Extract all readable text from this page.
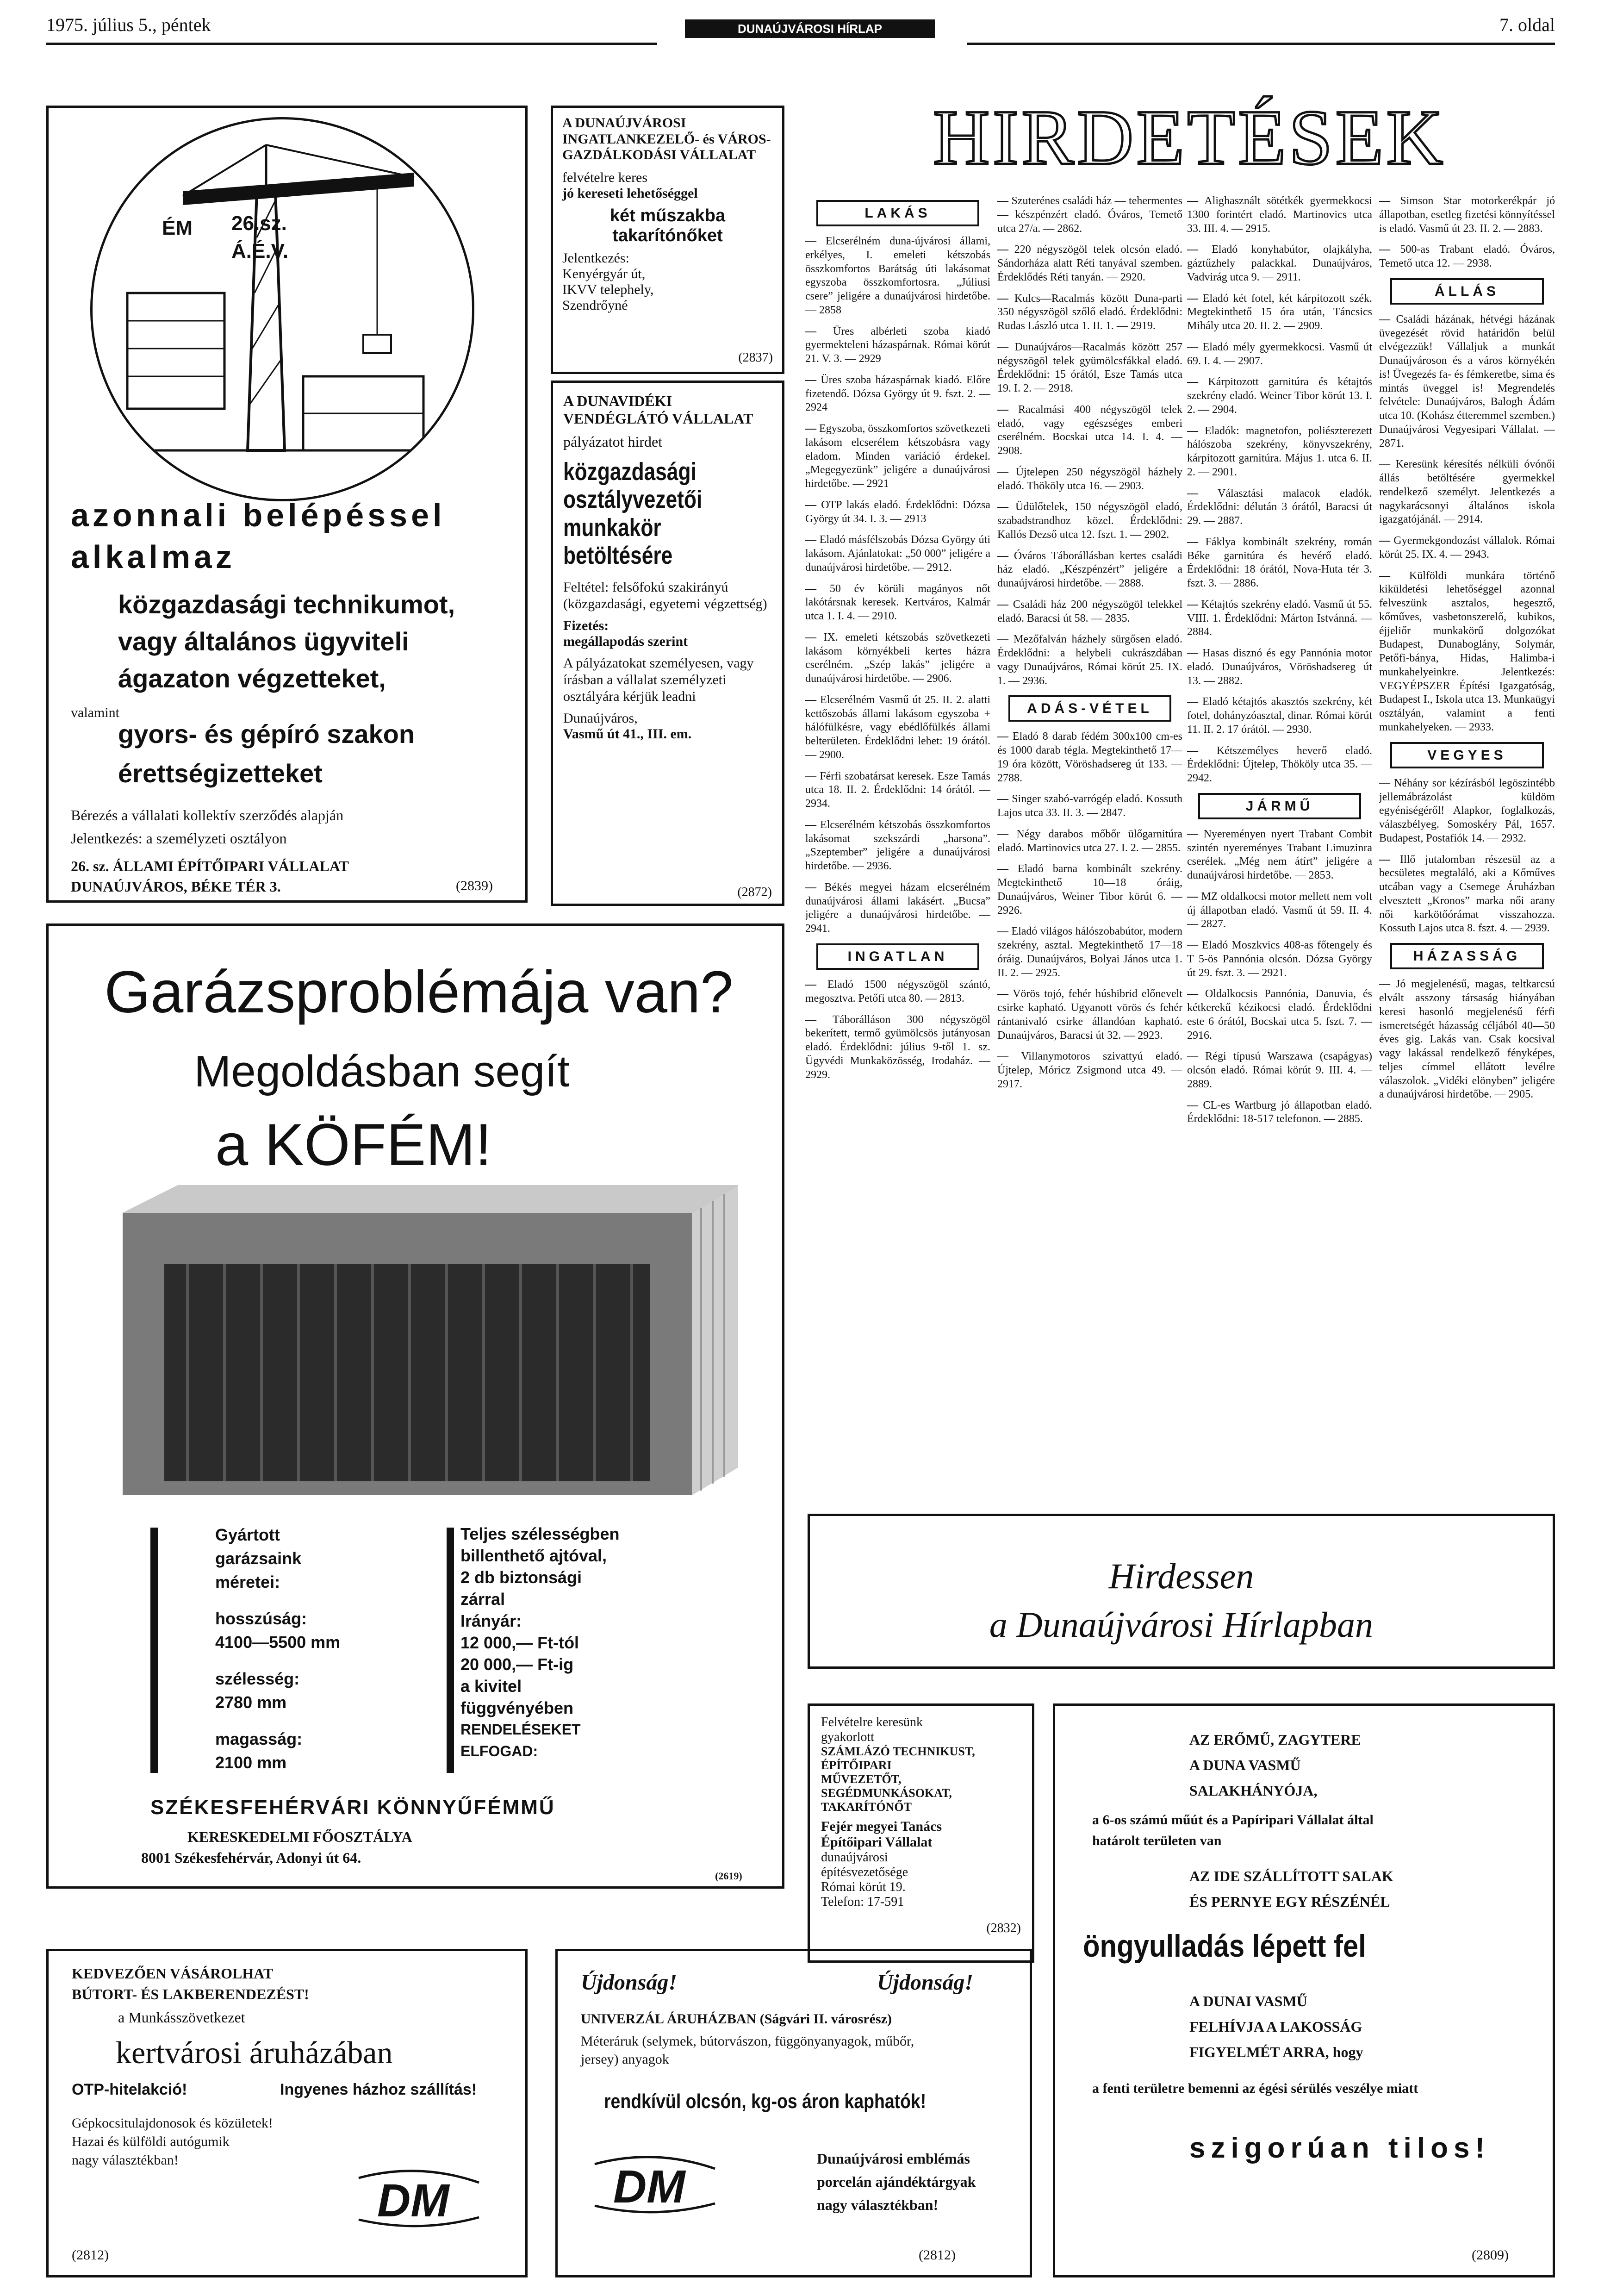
1975. július 5., péntek	DUNAÚJVÁROSI HÍRLAP	7. oldal
ÉM 26.sz.
Á.É.V.
azonnali belépéssel
alkalmaz
közgazdasági technikumot,
vagy általános ügyviteli
ágazaton végzetteket,
valamint
gyors- és gépíró szakon
érettségizetteket
Bérezés a vállalati kollektív szerződés alapján
Jelentkezés: a személyzeti osztályon
26. sz. ÁLLAMI ÉPÍTŐIPARI VÁLLALAT
DUNAÚJVÁROS, BÉKE TÉR 3.	(2839)
A DUNAÚJVÁROSI INGATLANKEZELŐ- és VÁROS-GAZDÁLKODÁSI VÁLLALAT
felvételre keres
jó kereseti lehetőséggel
két műszakba
takarítónőket
Jelentkezés:
Kenyérgyár út,
IKVV telephely,
Szendrőyné
(2837)
A DUNAVIDÉKI VENDÉGLÁTÓ VÁLLALAT
pályázatot hirdet
közgazdasági osztályvezetői munkakör betöltésére
Feltétel: felsőfokú szakirányú (közgazdasági, egyetemi végzettség)
Fizetés:
megállapodás szerint
A pályázatokat személyesen, vagy írásban a vállalat személyzeti osztályára kérjük leadni
Dunaújváros,
Vasmű út 41., III. em.
(2872)
Garázsproblémája van?
Megoldásban segít
a KÖFÉM!
Gyártott
garázsaink
méretei:
hosszúság:
4100—5500 mm
szélesség:
2780 mm
magasság:
2100 mm
Teljes szélességben
billenthető ajtóval,
2 db biztonsági
zárral
Irányár:
12 000,— Ft-tól
20 000,— Ft-ig
a kivitel
függvényében
RENDELÉSEKET
ELFOGAD:
SZÉKESFEHÉRVÁRI KÖNNYŰFÉMMŰ
KERESKEDELMI FŐOSZTÁLYA
8001 Székesfehérvár, Adonyi út 64.
(2619)
KEDVEZŐEN VÁSÁROLHAT
BÚTORT- ÉS LAKBERENDEZÉST!
a Munkásszövetkezet
kertvárosi áruházában
OTP-hitelakció!	Ingyenes házhoz szállítás!
Gépkocsitulajdonosok és közületek!
Hazai és külföldi autógumik
nagy választékban!
DM
(2812)
Újdonság!	Újdonság!
UNIVERZÁL ÁRUHÁZBAN (Ságvári II. városrész)
Méteráruk (selymek, bútorvászon, függönyanyagok, műbőr, jersey) anyagok
rendkívül olcsón, kg-os áron kaphatók!
DM
Dunaújvárosi emblémás
porcelán ajándéktárgyak
nagy választékban!
(2812)
HIRDETÉSEK
LAKÁS
— Elcserélném duna-újvárosi állami, erkélyes, I. emeleti kétszobás összkomfortos Barátság úti lakásomat egyszoba összkomfortosra. „Júliusi csere” jeligére a dunaújvárosi hirdetőbe. — 2858
— Üres albérleti szoba kiadó gyermekteleni házaspárnak. Római körút 21. V. 3. — 2929
— Üres szoba házaspárnak kiadó. Előre fizetendő. Dózsa György út 9. fszt. 2. — 2924
— Egyszoba, összkomfortos szövetkezeti lakásom elcserélem kétszobásra vagy eladom. Minden variáció érdekel. „Megegyezünk” jeligére a dunaújvárosi hirdetőbe. — 2921
— OTP lakás eladó. Érdeklődni: Dózsa György út 34. I. 3. — 2913
— Eladó másfélszobás Dózsa György úti lakásom. Ajánlatokat: „50 000” jeligére a dunaújvárosi hirdetőbe. — 2912.
— 50 év körüli magányos nőt lakótársnak keresek. Kertváros, Kalmár utca 1. I. 4. — 2910.
— IX. emeleti kétszobás szövetkezeti lakásom környékbeli kertes házra cserélném. „Szép lakás” jeligére a dunaújvárosi hirdetőbe. — 2906.
— Elcserélném Vasmű út 25. II. 2. alatti kettőszobás állami lakásom egyszoba + hálófülkésre, vagy ebédlőfülkés állami belterületen. Érdeklődni lehet: 19 órától. — 2900.
— Férfi szobatársat keresek. Esze Tamás utca 18. II. 2. Érdeklődni: 14 órától. — 2934.
— Elcserélném kétszobás összkomfortos lakásomat szekszárdi „harsona”. „Szeptember” jeligére a dunaújvárosi hirdetőbe. — 2936.
— Békés megyei házam elcserélném dunaújvárosi állami lakásért. „Bucsa” jeligére a dunaújvárosi hirdetőbe. — 2941.
INGATLAN
— Eladó 1500 négyszögöl szántó, megosztva. Petőfi utca 80. — 2813.
— Táborálláson 300 négyszögöl bekerített, termő gyümölcsös jutányosan eladó. Érdeklődni: július 9-től 1. sz. Ügyvédi Munkaközösség, Irodaház. — 2929.
— Szuterénes családi ház — tehermentes — készpénzért eladó. Óváros, Temető utca 27/a. — 2862.
— 220 négyszögöl telek olcsón eladó. Sándorháza alatt Réti tanyával szemben. Érdeklődés Réti tanyán. — 2920.
— Kulcs—Racalmás között Duna-parti 350 négyszögöl szőlő eladó. Érdeklődni: Rudas László utca 1. II. 1. — 2919.
— Dunaújváros—Racalmás között 257 négyszögöl telek gyümölcsfákkal eladó. Érdeklődni: 15 órától, Esze Tamás utca 19. I. 2. — 2918.
— Racalmási 400 négyszögöl telek eladó, vagy egészséges emberi cserélném. Bocskai utca 14. I. 4. — 2908.
— Újtelepen 250 négyszögöl házhely eladó. Thököly utca 16. — 2903.
— Üdülőtelek, 150 négyszögöl eladó, szabadstrandhoz közel. Érdeklődni: Kallós Dezső utca 12. fszt. 1. — 2902.
— Óváros Táborállásban kertes családi ház eladó. „Készpénzért” jeligére a dunaújvárosi hirdetőbe. — 2888.
— Családi ház 200 négyszögöl telekkel eladó. Baracsi út 58. — 2835.
— Mezőfalván házhely sürgősen eladó. Érdeklődni: a helybeli cukrászdában vagy Dunaújváros, Római körút 25. IX. 1. — 2936.
ADÁS-VÉTEL
— Eladó 8 darab fédém 300x100 cm-es és 1000 darab tégla. Megtekinthető 17—19 óra között, Vöröshadsereg út 133. — 2788.
— Singer szabó-varrógép eladó. Kossuth Lajos utca 33. II. 3. — 2847.
— Négy darabos mőbőr ülőgarnitúra eladó. Martinovics utca 27. I. 2. — 2855.
— Eladó barna kombinált szekrény. Megtekinthető 10—18 óráig, Dunaújváros, Weiner Tibor körút 6. — 2926.
— Eladó világos hálószobabútor, modern szekrény, asztal. Megtekinthető 17—18 óráig. Dunaújváros, Bolyai János utca 1. II. 2. — 2925.
— Vörös tojó, fehér húshibrid előnevelt csirke kapható. Ugyanott vörös és fehér rántanivaló csirke állandóan kapható. Dunaújváros, Baracsi út 32. — 2923.
— Villanymotoros szivattyú eladó. Újtelep, Móricz Zsigmond utca 49. — 2917.
— Alighasznált sötétkék gyermekkocsi 1300 forintért eladó. Martinovics utca 33. III. 4. — 2915.
— Eladó konyhabútor, olajkályha, gáztűzhely palackkal. Dunaújváros, Vadvirág utca 9. — 2911.
— Eladó két fotel, két kárpitozott szék. Megtekinthető 15 óra után, Táncsics Mihály utca 20. II. 2. — 2909.
— Eladó mély gyermekkocsi. Vasmű út 69. I. 4. — 2907.
— Kárpitozott garnitúra és kétajtós szekrény eladó. Weiner Tibor körút 13. I. 2. — 2904.
— Eladók: magnetofon, poliészterezett hálószoba szekrény, könyvszekrény, kárpitozott garnitúra. Május 1. utca 6. II. 2. — 2901.
— Választási malacok eladók. Érdeklődni: délután 3 órától, Baracsi út 29. — 2887.
— Fáklya kombinált szekrény, román Béke garnitúra és hevérő eladó. Érdeklődni: 18 órától, Nova-Huta tér 3. fszt. 3. — 2886.
— Kétajtós szekrény eladó. Vasmű út 55. VIII. 1. Érdeklődni: Márton Istvánná. — 2884.
— Hasas disznó és egy Pannónia motor eladó. Dunaújváros, Vöröshadsereg út 13. — 2882.
— Eladó kétajtós akasztós szekrény, két fotel, dohányzóasztal, dinar. Római körút 11. II. 2. 17 órától. — 2930.
— Kétszemélyes heverő eladó. Érdeklődni: Újtelep, Thököly utca 35. — 2942.
JÁRMŰ
— Nyereményen nyert Trabant Combit szintén nyereményes Trabant Limuzinra cserélek. „Még nem átírt” jeligére a dunaújvárosi hirdetőbe. — 2853.
— MZ oldalkocsi motor mellett nem volt új állapotban eladó. Vasmű út 59. II. 4. — 2827.
— Eladó Moszkvics 408-as főtengely és T 5-ös Pannónia olcsón. Dózsa György út 29. fszt. 3. — 2921.
— Oldalkocsis Pannónia, Danuvia, és kétkerekű kézikocsi eladó. Érdeklődni este 6 órától, Bocskai utca 5. fszt. 7. — 2916.
— Régi típusú Warszawa (csapágyas) olcsón eladó. Római körút 9. III. 4. — 2889.
— CL-es Wartburg jó állapotban eladó. Érdeklődni: 18-517 telefonon. — 2885.
— Simson Star motorkerékpár jó állapotban, esetleg fizetési könnyítéssel is eladó. Vasmű út 23. II. 2. — 2883.
— 500-as Trabant eladó. Óváros, Temető utca 12. — 2938.
ÁLLÁS
— Családi házának, hétvégi házának üvegezését rövid határidőn belül elvégezzük! Vállaljuk a munkát Dunaújvároson és a város környékén is! Üvegezés fa- és fémkeretbe, sima és mintás üveggel is! Megrendelés felvétele: Dunaújváros, Balogh Ádám utca 10. (Kohász étteremmel szemben.) Dunaújvárosi Vegyesipari Vállalat. — 2871.
— Keresünk kéresítés nélküli óvónői állás betöltésére gyermekkel rendelkező személyt. Jelentkezés a nagykarácsonyi általános iskola igazgatójánál. — 2914.
— Gyermekgondozást vállalok. Római körút 25. IX. 4. — 2943.
— Külföldi munkára történő kiküldetési lehetőséggel azonnal felveszünk asztalos, hegesztő, kőműves, vasbetonszerelő, kubikos, éjjeliőr munkakörű dolgozókat Budapest, Dunaboglány, Solymár, Petőfi-bánya, Hidas, Halimba-i munkahelyeinkre. Jelentkezés: VEGYÉPSZER Építési Igazgatóság, Budapest I., Iskola utca 13. Munkaügyi osztályán, valamint a fenti munkahelyeken. — 2933.
VEGYES
— Néhány sor kézírásból legöszintébb jellemábrázolást küldöm egyéniségéről! Alapkor, foglalkozás, válaszbélyeg. Somoskéry Pál, 1657. Budapest, Postafiók 14. — 2932.
— Illő jutalomban részesül az a becsületes megtaláló, aki a Kőműves utcában vagy a Csemege Áruházban elvesztett „Kronos” marka női arany női karkötőórámat visszahozza. Kossuth Lajos utca 8. fszt. 4. — 2939.
HÁZASSÁG
— Jó megjelenésű, magas, teltkarcsú elvált asszony társaság hiányában keresi hasonló megjelenésű férfi ismeretségét házasság céljából 40—50 éves gig. Lakás van. Csak kocsival vagy lakással rendelkező fényképes, teljes címmel ellátott levélre válaszolok. „Vidéki elönyben” jeligére a dunaújvárosi hirdetőbe. — 2905.
Hirdessen
a Dunaújvárosi Hírlapban
Felvételre keresünk
gyakorlott
SZÁMLÁZÓ TECHNIKUST,
ÉPÍTŐIPARI
MŰVEZETŐT,
SEGÉDMUNKÁSOKAT,
TAKARÍTÓNŐT
Fejér megyei Tanács
Építőipari Vállalat
dunaújvárosi
építésvezetősége
Római körút 19.
Telefon: 17-591
(2832)
AZ ERŐMŰ, ZAGYTERE
A DUNA VASMŰ
SALAKHÁNYÓJA,
a 6-os számú műút és a Papíripari Vállalat által
határolt területen van
AZ IDE SZÁLLÍTOTT SALAK
ÉS PERNYE EGY RÉSZÉNÉL
öngyulladás lépett fel
A DUNAI VASMŰ
FELHÍVJA A LAKOSSÁG
FIGYELMÉT ARRA, hogy
a fenti területre bemenni az égési sérülés veszélye miatt
szigorúan tilos!
(2809)
